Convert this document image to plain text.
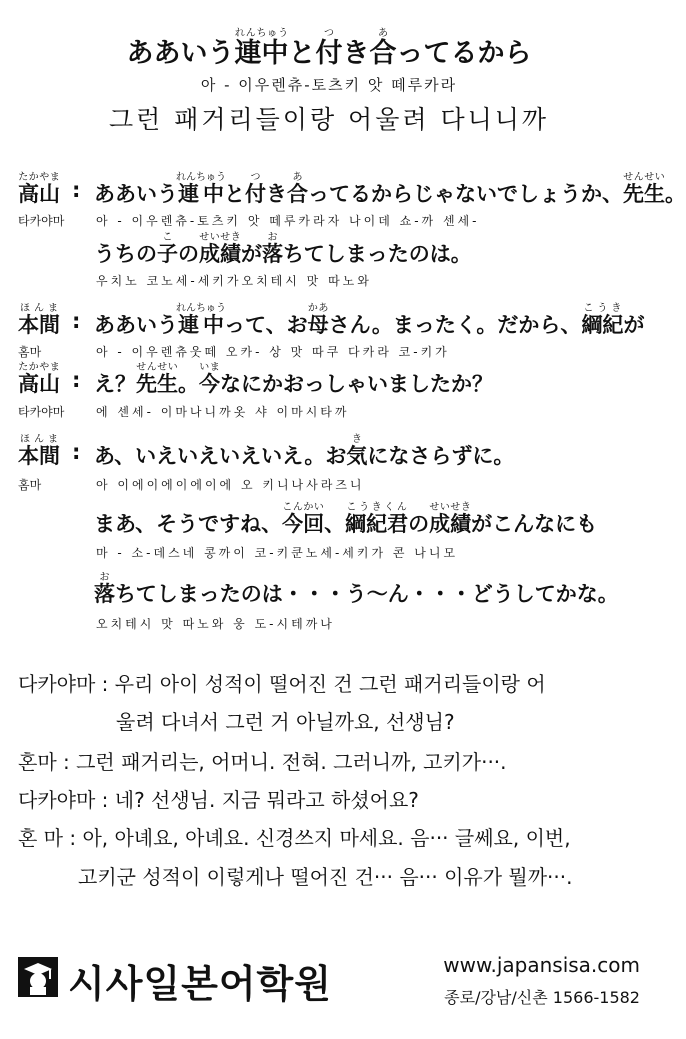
ああいう連中れんちゅうと付つき合あってるから
아 - 이우렌츄-토츠키 앗 떼루카라
그런 패거리들이랑 어울려 다니니까
高山たかやま
: ああいう連中れんちゅうと付つき合あってるからじゃないでしょうか、先生せんせい。
타카야마	아 - 이우렌츄-토츠키 앗 떼루카라자 나이데 쇼-까 센세-
うちの子この成績せいせきが落おちてしまったのは。
우치노 코노세-세키가오치테시 맛 따노와
本間ほんま
: ああいう連中れんちゅうって、お母かあさん。まったく。だから、綱紀こうきが
홈마	아 - 이우렌츄웃떼 오카- 상 맛 따쿠 다카라 코-키가
高山たかやま
: え？先生せんせい。今いまなにかおっしゃいましたか？
타카야마	에 센세- 이마나니까옷 샤 이마시타까
本間ほんま
: あ、いえいえいえいえ。お気きになさらずに。
홈마	아 이에이에이에이에 오 키니나사라즈니
まあ、そうですね、今回こんかい、綱紀君こうきくんの成績せいせきがこんなにも
마 - 소-데스네 콩까이 코-키쿤노세-세키가 콘 나니모
落おちてしまったのは・・・う～ん・・・どうしてかな。
오치테시 맛 따노와 웅 도-시테까나
다카야마 : 우리 아이 성적이 떨어진 건 그런 패거리들이랑 어
울려 다녀서 그런 거 아닐까요, 선생님?
혼마 : 그런 패거리는, 어머니. 전혀. 그러니까, 고키가···.
다카야마 : 네? 선생님. 지금 뭐라고 하셨어요?
혼 마 : 아, 아녜요, 아녜요. 신경쓰지 마세요. 음··· 글쎄요, 이번,
고키군 성적이 이렇게나 떨어진 건··· 음··· 이유가 뭘까···.
시사일본어학원	www.japansisa.com
종로/강남/신촌 1566-1582
